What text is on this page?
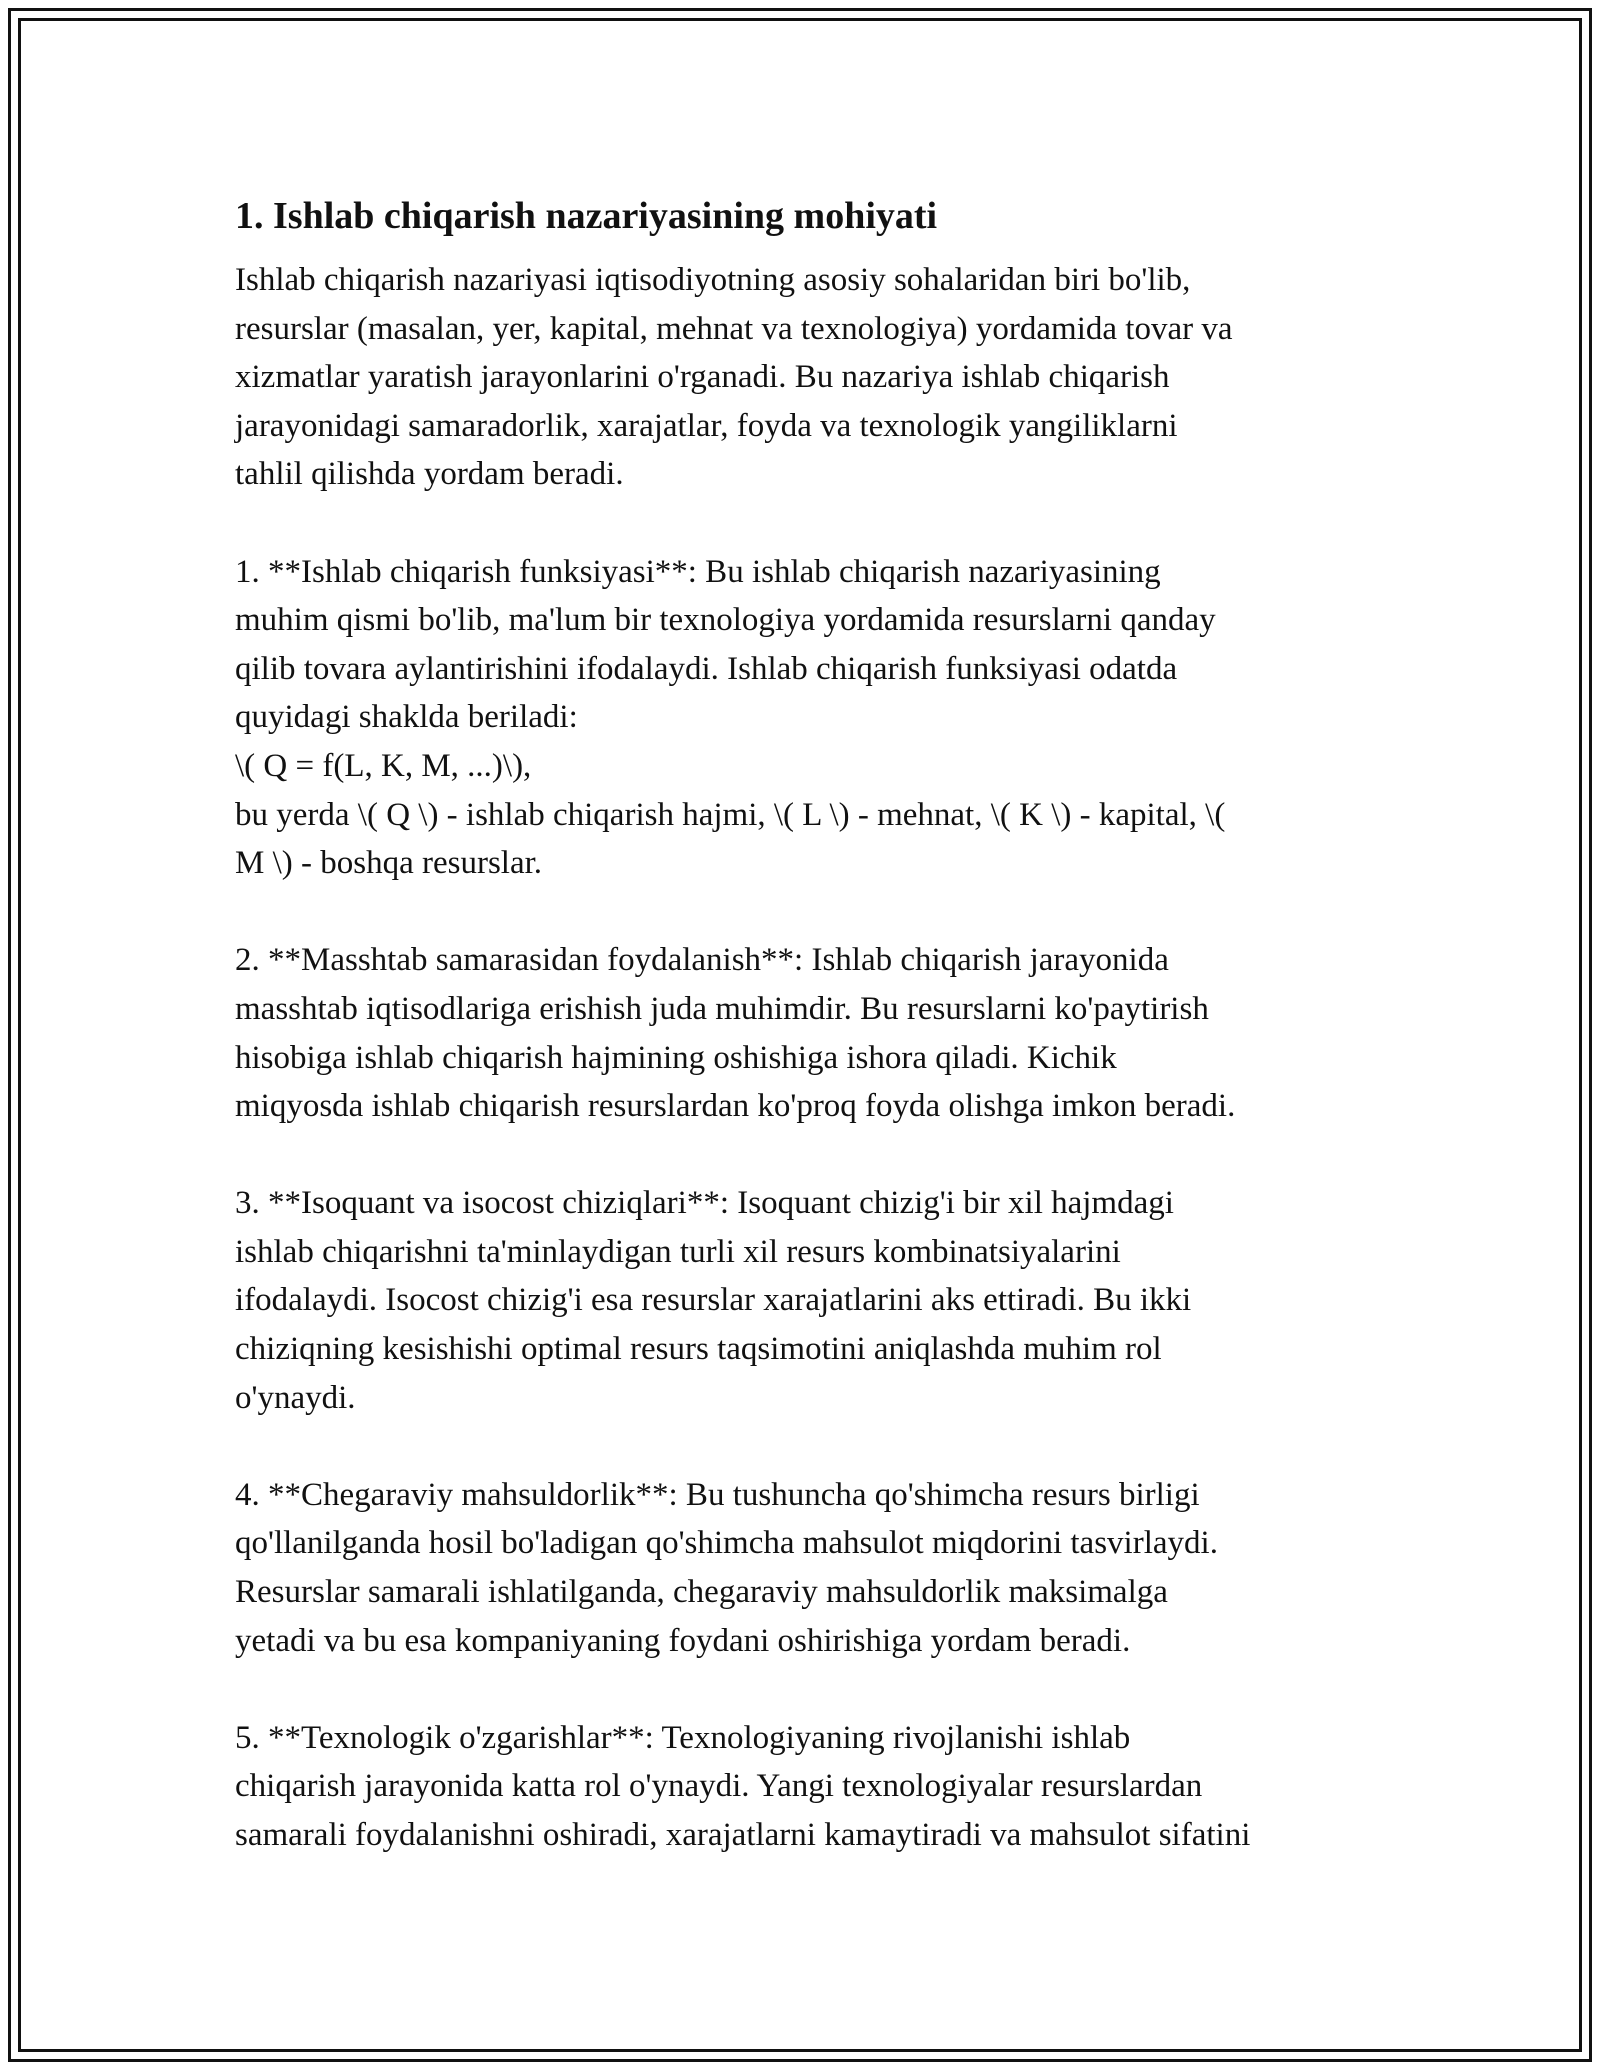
1. Ishlab chiqarish nazariyasining mohiyati

Ishlab chiqarish nazariyasi iqtisodiyotning asosiy sohalaridan biri bo'lib,
resurslar (masalan, yer, kapital, mehnat va texnologiya) yordamida tovar va
xizmatlar yaratish jarayonlarini o'rganadi. Bu nazariya ishlab chiqarish
jarayonidagi samaradorlik, xarajatlar, foyda va texnologik yangiliklarni
tahlil qilishda yordam beradi.

1. **Ishlab chiqarish funksiyasi**: Bu ishlab chiqarish nazariyasining
muhim qismi bo'lib, ma'lum bir texnologiya yordamida resurslarni qanday
qilib tovara aylantirishini ifodalaydi. Ishlab chiqarish funksiyasi odatda
quyidagi shaklda beriladi:
\( Q = f(L, K, M, ...)\),
bu yerda \( Q \) - ishlab chiqarish hajmi, \( L \) - mehnat, \( K \) - kapital, \(
M \) - boshqa resurslar.

2. **Masshtab samarasidan foydalanish**: Ishlab chiqarish jarayonida
masshtab iqtisodlariga erishish juda muhimdir. Bu resurslarni ko'paytirish
hisobiga ishlab chiqarish hajmining oshishiga ishora qiladi. Kichik
miqyosda ishlab chiqarish resurslardan ko'proq foyda olishga imkon beradi.

3. **Isoquant va isocost chiziqlari**: Isoquant chizig'i bir xil hajmdagi
ishlab chiqarishni ta'minlaydigan turli xil resurs kombinatsiyalarini
ifodalaydi. Isocost chizig'i esa resurslar xarajatlarini aks ettiradi. Bu ikki
chiziqning kesishishi optimal resurs taqsimotini aniqlashda muhim rol
o'ynaydi.

4. **Chegaraviy mahsuldorlik**: Bu tushuncha qo'shimcha resurs birligi
qo'llanilganda hosil bo'ladigan qo'shimcha mahsulot miqdorini tasvirlaydi.
Resurslar samarali ishlatilganda, chegaraviy mahsuldorlik maksimalga
yetadi va bu esa kompaniyaning foydani oshirishiga yordam beradi.

5. **Texnologik o'zgarishlar**: Texnologiyaning rivojlanishi ishlab
chiqarish jarayonida katta rol o'ynaydi. Yangi texnologiyalar resurslardan
samarali foydalanishni oshiradi, xarajatlarni kamaytiradi va mahsulot sifatini
